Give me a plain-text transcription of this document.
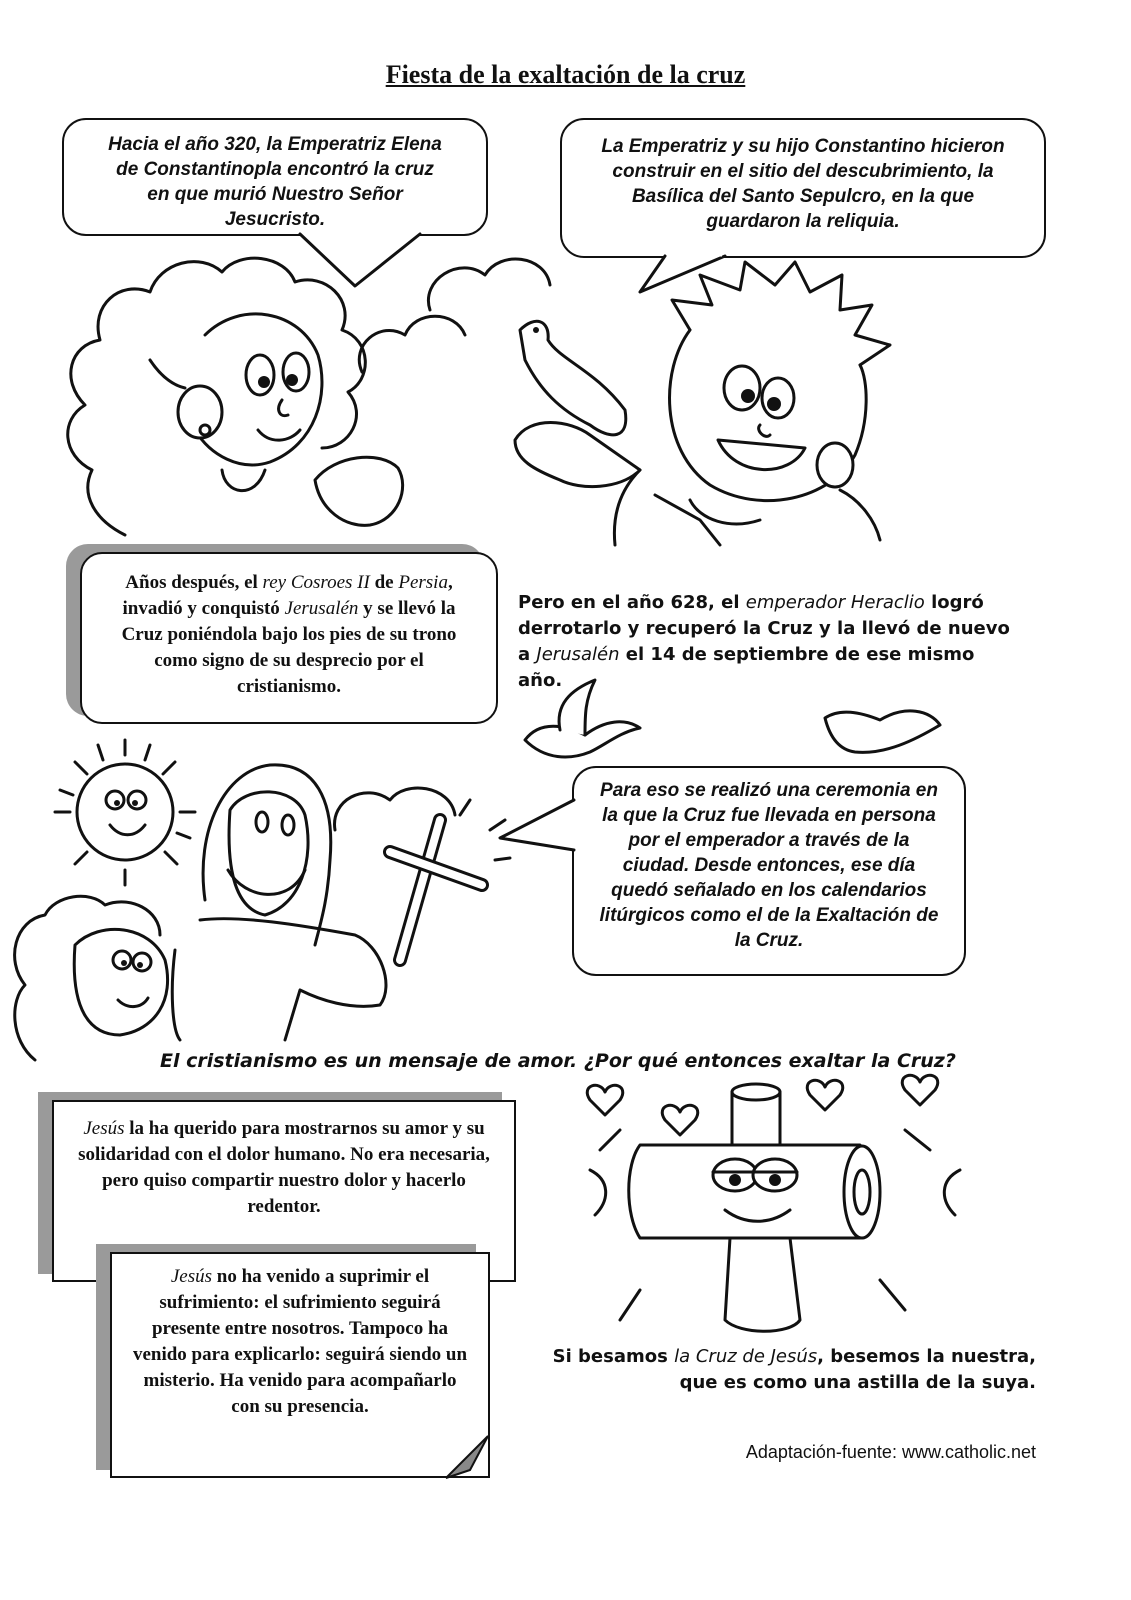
Fiesta de la exaltación de la cruz
Hacia el año 320, la Emperatriz Elena de Constantinopla encontró la cruz en que murió Nuestro Señor Jesucristo.
La Emperatriz y su hijo Constantino hicieron construir en el sitio del descubrimiento, la Basílica del Santo Sepulcro, en la que guardaron la reliquia.
Años después, el rey Cosroes II de Persia, invadió y conquistó Jerusalén y se llevó la Cruz poniéndola bajo los pies de su trono como signo de su desprecio por el cristianismo.
Pero en el año 628, el emperador Heraclio logró derrotarlo y recuperó la Cruz y la llevó de nuevo a Jerusalén el 14 de septiembre de ese mismo año.
Para eso se realizó una ceremonia en la que la Cruz fue llevada en persona por el emperador a través de la ciudad. Desde entonces, ese día quedó señalado en los calendarios litúrgicos como el de la Exaltación de la Cruz.
El cristianismo es un mensaje de amor. ¿Por qué entonces exaltar la Cruz?
Jesús la ha querido para mostrarnos su amor y su solidaridad con el dolor humano. No era necesaria, pero quiso compartir nuestro dolor y hacerlo redentor.
Jesús no ha venido a suprimir el sufrimiento: el sufrimiento seguirá presente entre nosotros. Tampoco ha venido para explicarlo: seguirá siendo un misterio. Ha venido para acompañarlo con su presencia.
Si besamos la Cruz de Jesús, besemos la nuestra, que es como una astilla de la suya.
Adaptación-fuente: www.catholic.net
